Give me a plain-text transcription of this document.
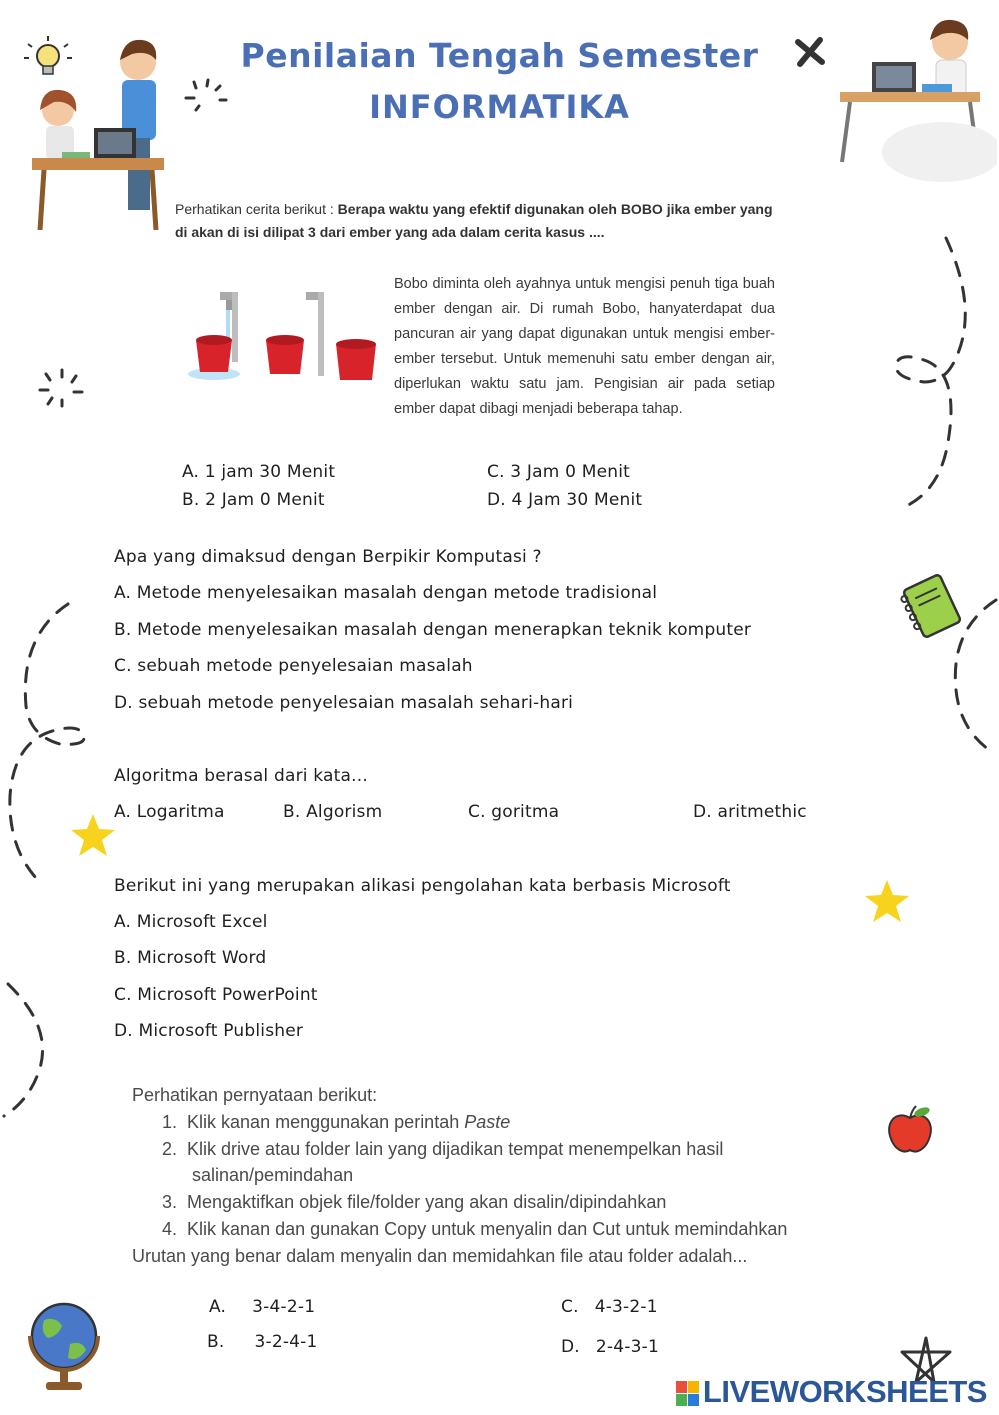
Penilaian Tengah Semester
INFORMATIKA
Perhatikan cerita berikut : Berapa waktu yang efektif digunakan oleh BOBO jika ember yang di akan di isi dilipat 3 dari ember yang ada dalam cerita kasus ....
Bobo diminta oleh ayahnya untuk mengisi penuh tiga buah ember dengan air. Di rumah Bobo, hanyaterdapat dua pancuran air yang dapat digunakan untuk mengisi ember-ember tersebut. Untuk memenuhi satu ember dengan air, diperlukan waktu satu jam. Pengisian air pada setiap ember dapat dibagi menjadi beberapa tahap.
A. 1 jam 30 Menit
B. 2 Jam 0 Menit
C. 3 Jam 0 Menit
D. 4 Jam 30 Menit
Apa yang dimaksud dengan Berpikir Komputasi ?
A. Metode menyelesaikan masalah dengan metode tradisional
B. Metode menyelesaikan masalah dengan menerapkan teknik komputer
C. sebuah metode penyelesaian masalah
D. sebuah metode penyelesaian masalah sehari-hari
Algoritma berasal dari kata...
A. Logaritma	B. Algorism	C. goritma	D. aritmethic
Berikut ini yang merupakan alikasi pengolahan kata berbasis Microsoft
A. Microsoft Excel
B. Microsoft Word
C. Microsoft PowerPoint
D. Microsoft Publisher
Perhatikan pernyataan berikut:
1. Klik kanan menggunakan perintah Paste
2. Klik drive atau folder lain yang dijadikan tempat menempelkan hasil
salinan/pemindahan
3. Mengaktifkan objek file/folder yang akan disalin/dipindahkan
4. Klik kanan dan gunakan Copy untuk menyalin dan Cut untuk memindahkan
Urutan yang benar dalam menyalin dan memidahkan file atau folder adalah...
A. 3-4-2-1
B. 3-2-4-1
C. 4-3-2-1
D. 2-4-3-1
LIVEWORKSHEETS
